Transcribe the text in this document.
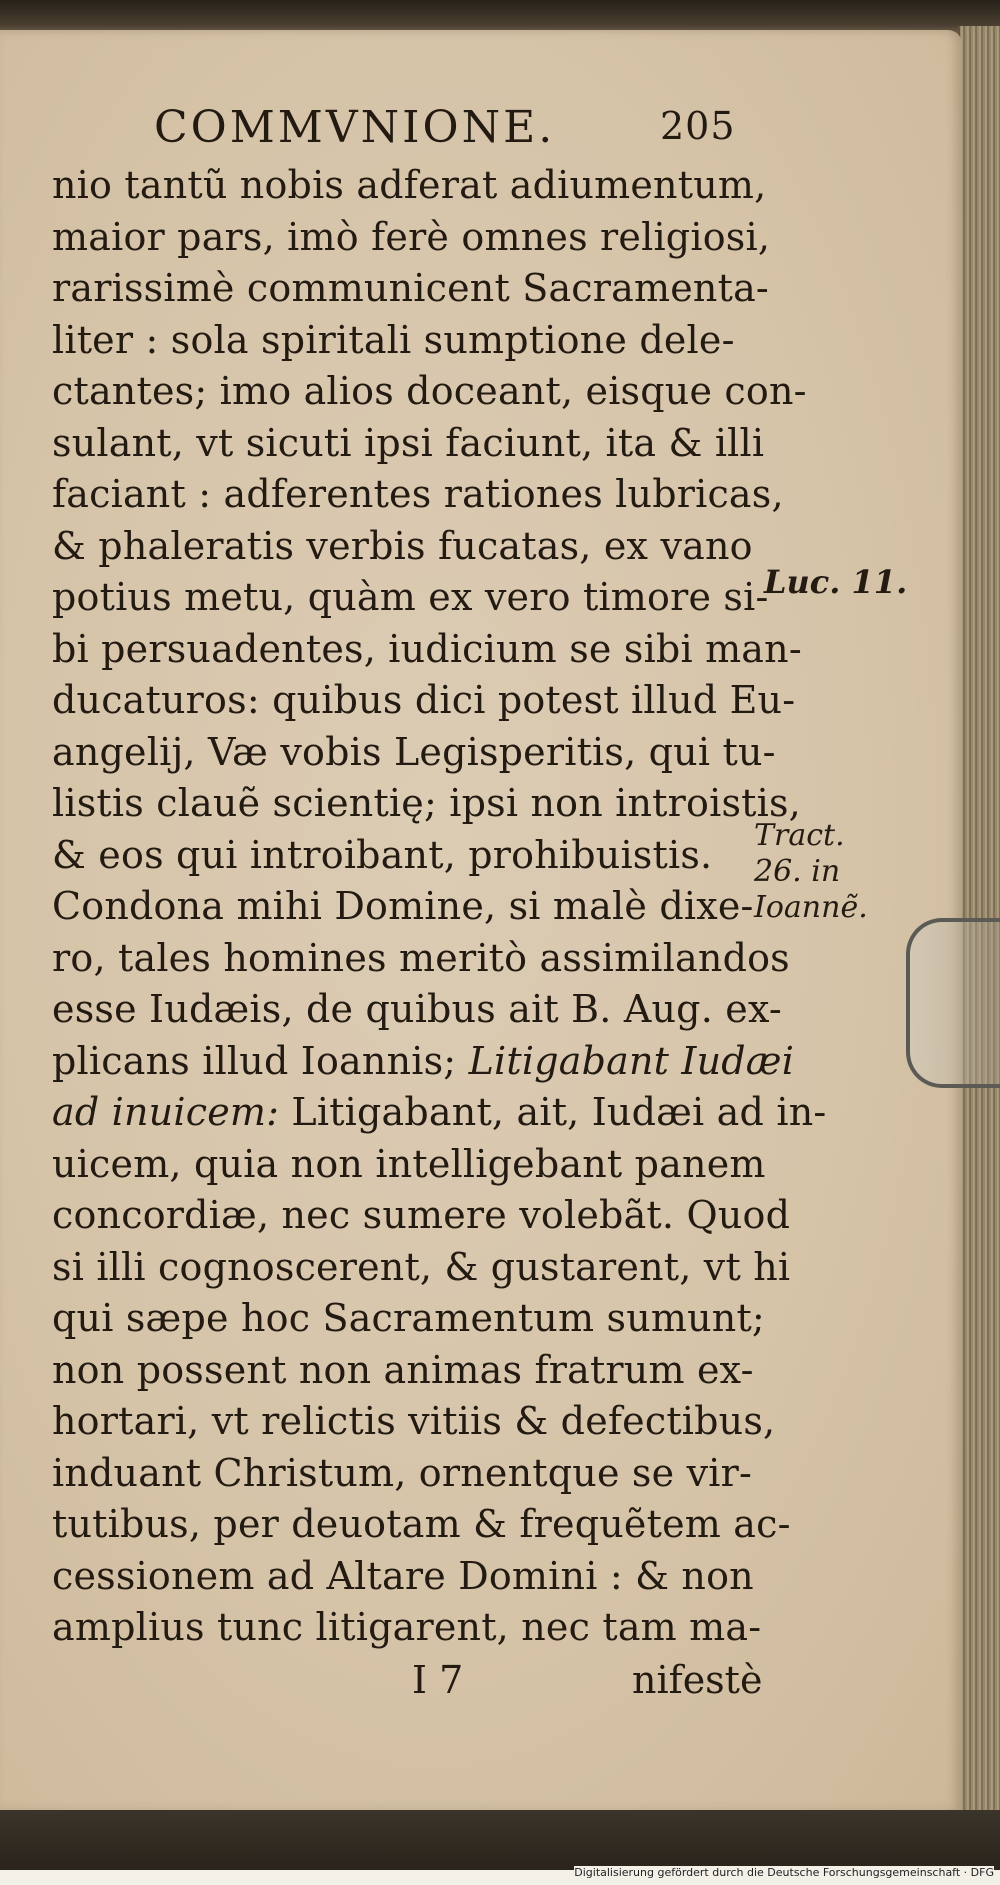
COMMVNIONE.	205
nio tantũ nobis adferat adiumentum,
maior pars, imò ferè omnes religiosi,
rarissimè communicent Sacramenta-
liter : sola spiritali sumptione dele-
ctantes; imo alios doceant, eisque con-
sulant, vt sicuti ipsi faciunt, ita & illi
faciant : adferentes rationes lubricas,
& phaleratis verbis fucatas, ex vano
potius metu, quàm ex vero timore si-
bi persuadentes, iudicium se sibi man-
ducaturos: quibus dici potest illud Eu-
angelij, Væ vobis Legisperitis, qui tu-
listis clauẽ scientię; ipsi non introistis,
& eos qui introibant, prohibuistis.
Condona mihi Domine, si malè dixe-
ro, tales homines meritò assimilandos
esse Iudæis, de quibus ait B. Aug. ex-
plicans illud Ioannis; Litigabant Iudæi
ad inuicem: Litigabant, ait, Iudæi ad in-
uicem, quia non intelligebant panem
concordiæ, nec sumere volebãt. Quod
si illi cognoscerent, & gustarent, vt hi
qui sæpe hoc Sacramentum sumunt;
non possent non animas fratrum ex-
hortari, vt relictis vitiis & defectibus,
induant Christum, ornentque se vir-
tutibus, per deuotam & frequẽtem ac-
cessionem ad Altare Domini : & non
amplius tunc litigarent, nec tam ma-
I 7	nifestè
Luc. 11.
Tract.
26. in
Ioannẽ.
Digitalisierung gefördert durch die Deutsche Forschungsgemeinschaft · DFG
